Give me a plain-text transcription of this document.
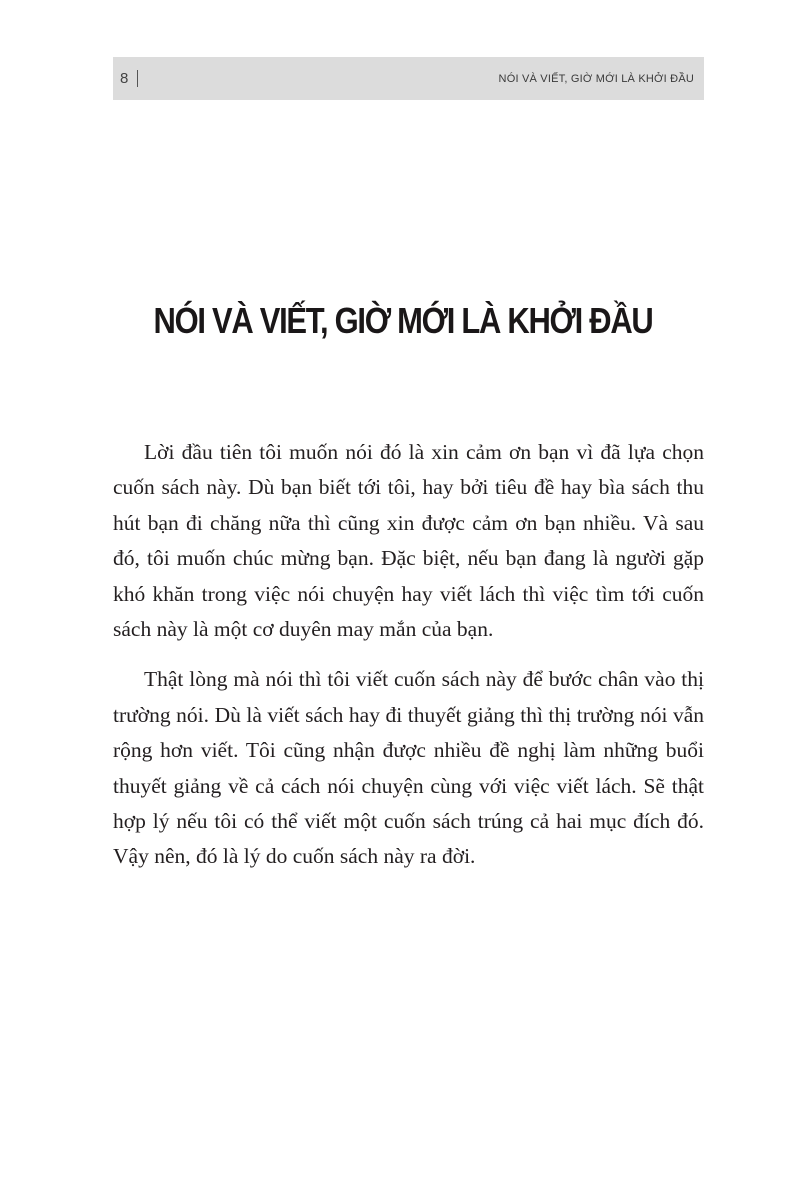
8	NÓI VÀ VIẾT, GIỜ MỚI LÀ KHỞI ĐẦU
NÓI VÀ VIẾT, GIỜ MỚI LÀ KHỞI ĐẦU

Lời đầu tiên tôi muốn nói đó là xin cảm ơn bạn vì đã lựa chọn cuốn sách này. Dù bạn biết tới tôi, hay bởi tiêu đề hay bìa sách thu hút bạn đi chăng nữa thì cũng xin được cảm ơn bạn nhiều. Và sau đó, tôi muốn chúc mừng bạn. Đặc biệt, nếu bạn đang là người gặp khó khăn trong việc nói chuyện hay viết lách thì việc tìm tới cuốn sách này là một cơ duyên may mắn của bạn.

Thật lòng mà nói thì tôi viết cuốn sách này để bước chân vào thị trường nói. Dù là viết sách hay đi thuyết giảng thì thị trường nói vẫn rộng hơn viết. Tôi cũng nhận được nhiều đề nghị làm những buổi thuyết giảng về cả cách nói chuyện cùng với việc viết lách. Sẽ thật hợp lý nếu tôi có thể viết một cuốn sách trúng cả hai mục đích đó. Vậy nên, đó là lý do cuốn sách này ra đời.
